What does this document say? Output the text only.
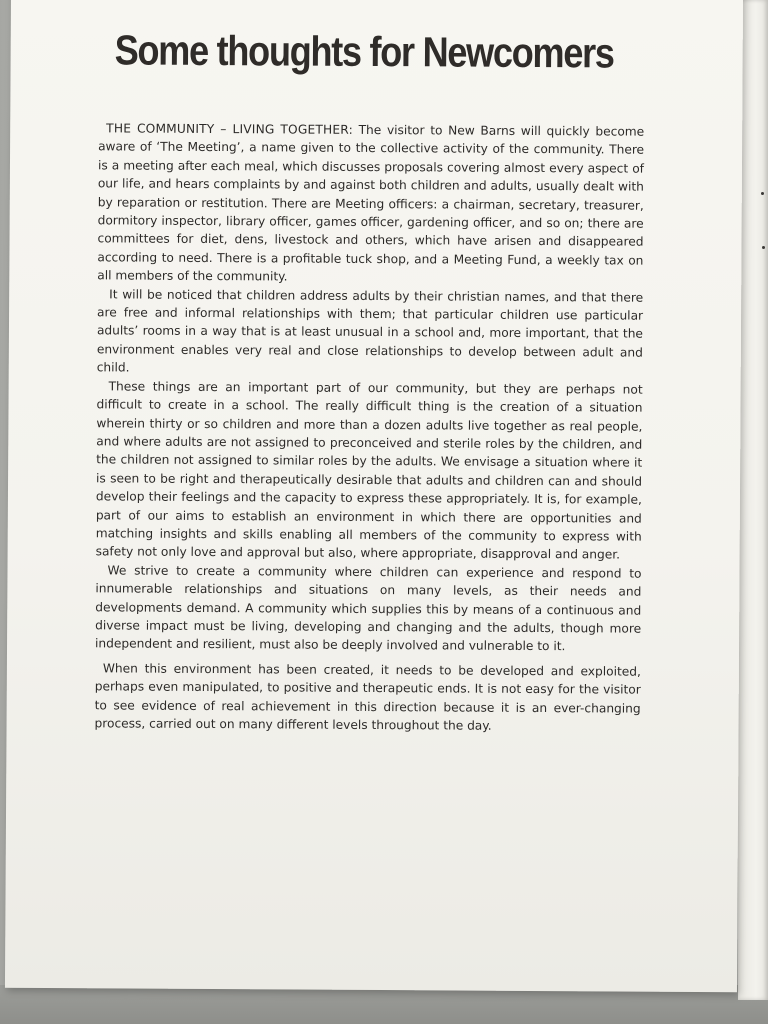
Some thoughts for Newcomers

THE COMMUNITY – LIVING TOGETHER: The visitor to New Barns will quickly become aware of ‘The Meeting’, a name given to the collective activity of the community. There is a meeting after each meal, which discusses proposals covering almost every aspect of our life, and hears complaints by and against both children and adults, usually dealt with by reparation or restitution. There are Meeting officers: a chairman, secretary, treasurer, dormitory inspector, library officer, games officer, gardening officer, and so on; there are committees for diet, dens, livestock and others, which have arisen and disappeared according to need. There is a profitable tuck shop, and a Meeting Fund, a weekly tax on all members of the community.

It will be noticed that children address adults by their christian names, and that there are free and informal relationships with them; that particular children use particular adults’ rooms in a way that is at least unusual in a school and, more important, that the environment enables very real and close relationships to develop between adult and child.

These things are an important part of our community, but they are perhaps not difficult to create in a school. The really difficult thing is the creation of a situation wherein thirty or so children and more than a dozen adults live together as real people, and where adults are not assigned to preconceived and sterile roles by the children, and the children not assigned to similar roles by the adults. We envisage a situation where it is seen to be right and therapeutically desirable that adults and children can and should develop their feelings and the capacity to express these appropriately. It is, for example, part of our aims to establish an environment in which there are opportunities and matching insights and skills enabling all members of the community to express with safety not only love and approval but also, where appropriate, disapproval and anger.

We strive to create a community where children can experience and respond to innumerable relationships and situations on many levels, as their needs and developments demand. A community which supplies this by means of a continuous and diverse impact must be living, developing and changing and the adults, though more independent and resilient, must also be deeply involved and vulnerable to it.

When this environment has been created, it needs to be developed and exploited, perhaps even manipulated, to positive and therapeutic ends. It is not easy for the visitor to see evidence of real achievement in this direction because it is an ever-changing process, carried out on many different levels throughout the day.
